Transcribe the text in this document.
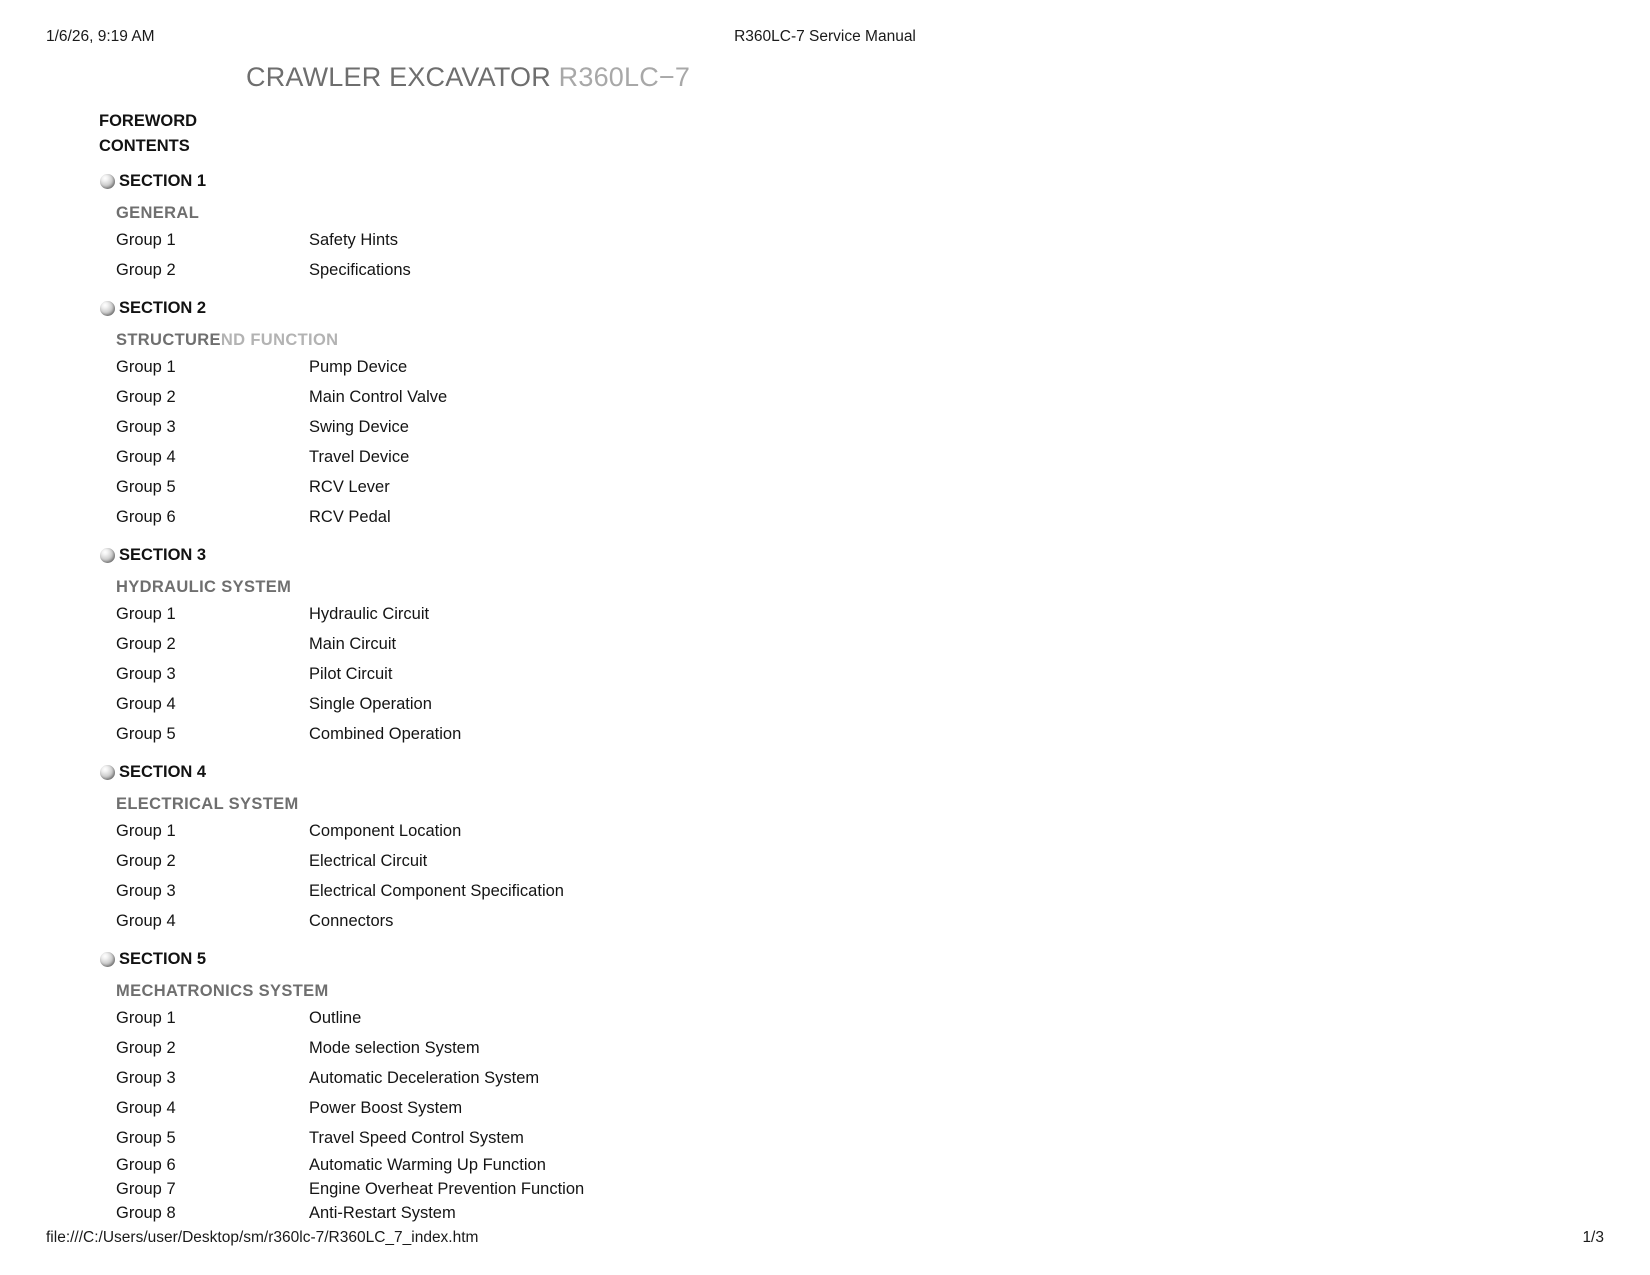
1/6/26, 9:19 AM	R360LC-7 Service Manual
CRAWLER EXCAVATOR R360LC−7
FOREWORD
CONTENTS
SECTION 1
GENERAL
Group 1	Safety Hints
Group 2	Specifications
SECTION 2
STRUCTUREND FUNCTION
Group 1	Pump Device
Group 2	Main Control Valve
Group 3	Swing Device
Group 4	Travel Device
Group 5	RCV Lever
Group 6	RCV Pedal
SECTION 3
HYDRAULIC SYSTEM
Group 1	Hydraulic Circuit
Group 2	Main Circuit
Group 3	Pilot Circuit
Group 4	Single Operation
Group 5	Combined Operation
SECTION 4
ELECTRICAL SYSTEM
Group 1	Component Location
Group 2	Electrical Circuit
Group 3	Electrical Component Specification
Group 4	Connectors
SECTION 5
MECHATRONICS SYSTEM
Group 1	Outline
Group 2	Mode selection System
Group 3	Automatic Deceleration System
Group 4	Power Boost System
Group 5	Travel Speed Control System
Group 6	Automatic Warming Up Function
Group 7	Engine Overheat Prevention Function
Group 8	Anti-Restart System
file:///C:/Users/user/Desktop/sm/r360lc-7/R360LC_7_index.htm	1/3
